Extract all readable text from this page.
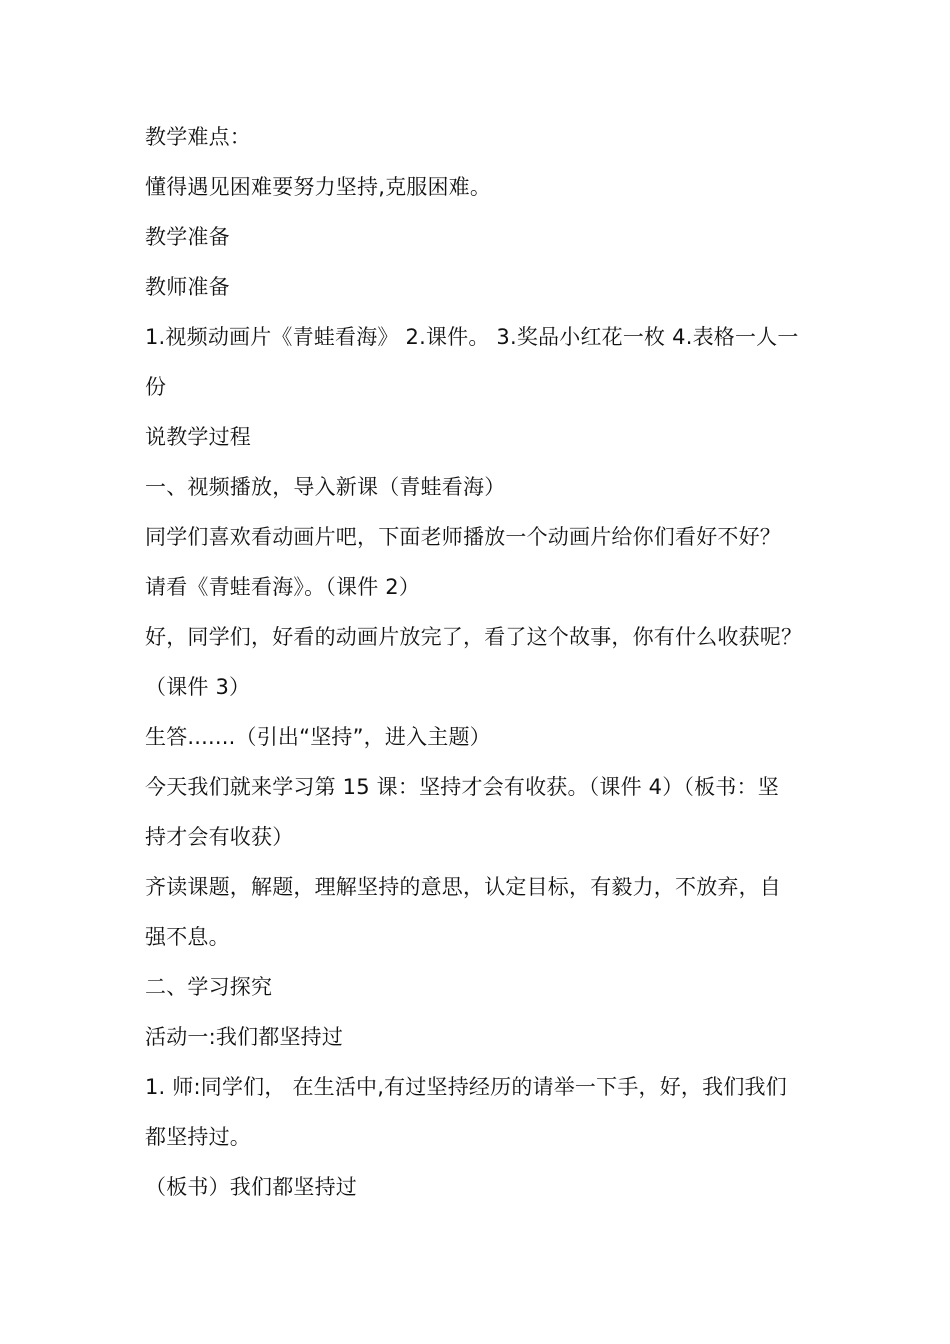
教学难点：

懂得遇见困难要努力坚持,克服困难。

教学准备

教师准备

1.视频动画片《青蛙看海》 2.课件。 3.奖品小红花一枚 4.表格一人一

份

说教学过程

一、视频播放，导入新课（青蛙看海）

同学们喜欢看动画片吧，下面老师播放一个动画片给你们看好不好？

请看《青蛙看海》。（课件 2）

好，同学们，好看的动画片放完了，看了这个故事，你有什么收获呢？

（课件 3）

生答.......（引出“坚持”，进入主题）

今天我们就来学习第 15 课：坚持才会有收获。（课件 4）（板书：坚

持才会有收获）

齐读课题，解题，理解坚持的意思，认定目标，有毅力，不放弃，自

强不息。

二、学习探究

活动一:我们都坚持过

1. 师:同学们， 在生活中,有过坚持经历的请举一下手，好，我们我们

都坚持过。

（板书）我们都坚持过
